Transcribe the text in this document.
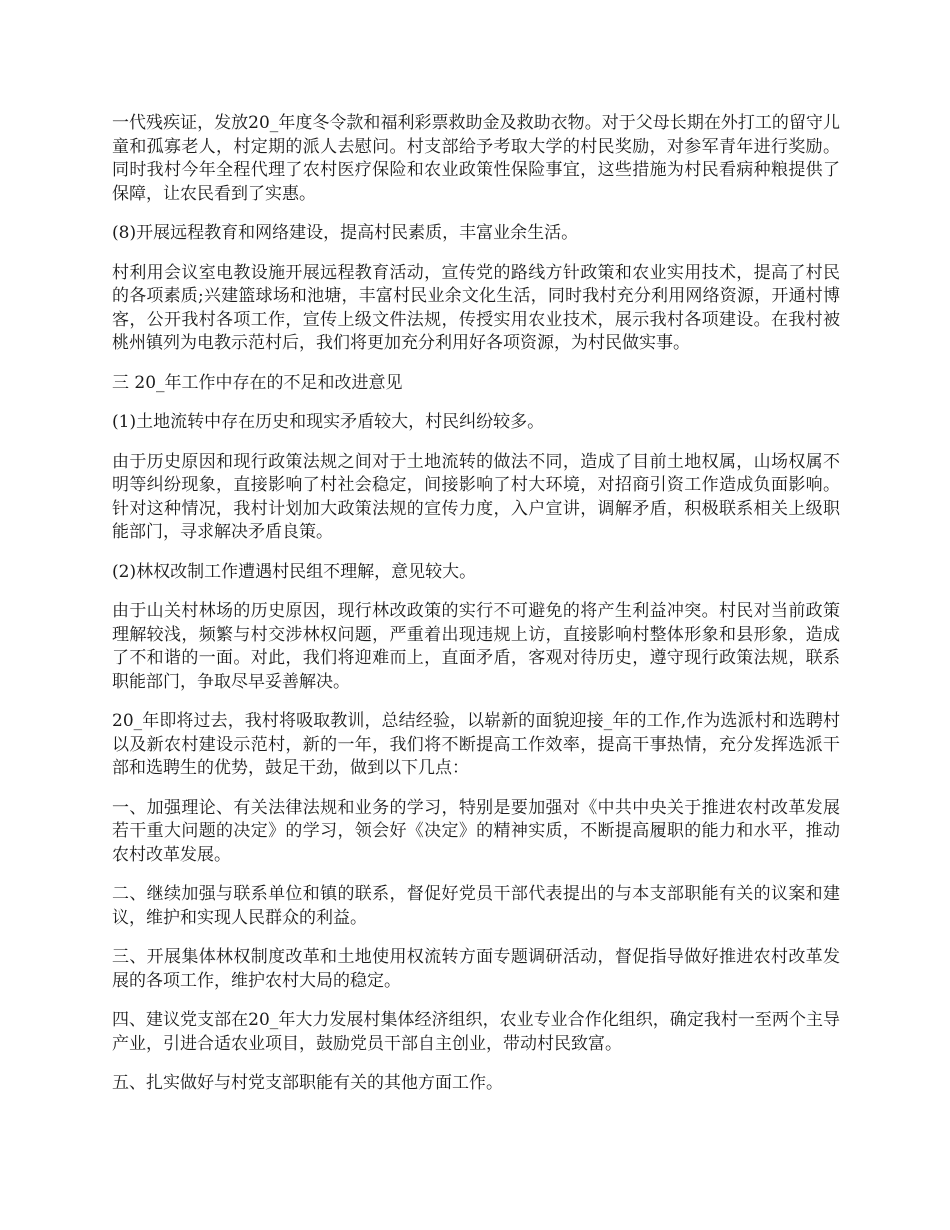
一代残疾证，发放20_年度冬令款和福利彩票救助金及救助衣物。对于父母长期在外打工的留守儿童和孤寡老人，村定期的派人去慰问。村支部给予考取大学的村民奖励，对参军青年进行奖励。同时我村今年全程代理了农村医疗保险和农业政策性保险事宜，这些措施为村民看病种粮提供了保障，让农民看到了实惠。

(8)开展远程教育和网络建设，提高村民素质，丰富业余生活。

村利用会议室电教设施开展远程教育活动，宣传党的路线方针政策和农业实用技术，提高了村民的各项素质;兴建篮球场和池塘，丰富村民业余文化生活，同时我村充分利用网络资源，开通村博客，公开我村各项工作，宣传上级文件法规，传授实用农业技术，展示我村各项建设。在我村被桃州镇列为电教示范村后，我们将更加充分利用好各项资源，为村民做实事。

三 20_年工作中存在的不足和改进意见

(1)土地流转中存在历史和现实矛盾较大，村民纠纷较多。

由于历史原因和现行政策法规之间对于土地流转的做法不同，造成了目前土地权属，山场权属不明等纠纷现象，直接影响了村社会稳定，间接影响了村大环境，对招商引资工作造成负面影响。针对这种情况，我村计划加大政策法规的宣传力度，入户宣讲，调解矛盾，积极联系相关上级职能部门，寻求解决矛盾良策。

(2)林权改制工作遭遇村民组不理解，意见较大。

由于山关村林场的历史原因，现行林改政策的实行不可避免的将产生利益冲突。村民对当前政策理解较浅，频繁与村交涉林权问题，严重着出现违规上访，直接影响村整体形象和县形象，造成了不和谐的一面。对此，我们将迎难而上，直面矛盾，客观对待历史，遵守现行政策法规，联系职能部门，争取尽早妥善解决。

20_年即将过去，我村将吸取教训，总结经验，以崭新的面貌迎接_年的工作,作为选派村和选聘村以及新农村建设示范村，新的一年，我们将不断提高工作效率，提高干事热情，充分发挥选派干部和选聘生的优势，鼓足干劲，做到以下几点：

一、加强理论、有关法律法规和业务的学习，特别是要加强对《中共中央关于推进农村改革发展若干重大问题的决定》的学习，领会好《决定》的精神实质，不断提高履职的能力和水平，推动农村改革发展。

二、继续加强与联系单位和镇的联系，督促好党员干部代表提出的与本支部职能有关的议案和建议，维护和实现人民群众的利益。

三、开展集体林权制度改革和土地使用权流转方面专题调研活动，督促指导做好推进农村改革发展的各项工作，维护农村大局的稳定。

四、建议党支部在20_年大力发展村集体经济组织，农业专业合作化组织，确定我村一至两个主导产业，引进合适农业项目，鼓励党员干部自主创业，带动村民致富。

五、扎实做好与村党支部职能有关的其他方面工作。
